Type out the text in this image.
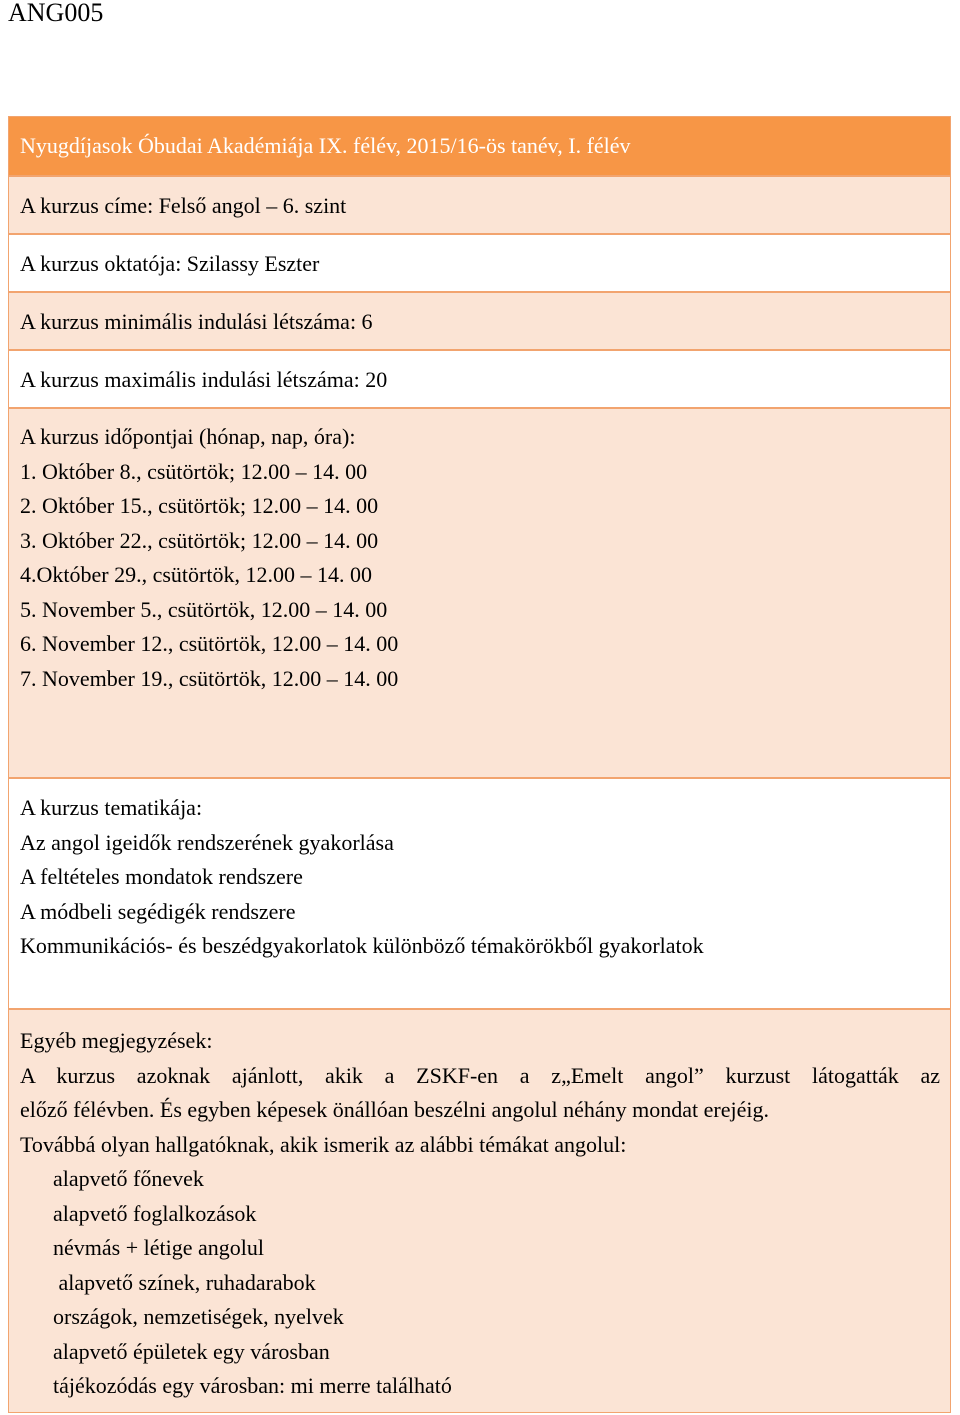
ANG005
Nyugdíjasok Óbudai Akadémiája IX. félév, 2015/16-ös tanév, I. félév
A kurzus címe: Felső angol – 6. szint
A kurzus oktatója: Szilassy Eszter
A kurzus minimális indulási létszáma: 6
A kurzus maximális indulási létszáma: 20
A kurzus időpontjai (hónap, nap, óra):
1. Október 8., csütörtök; 12.00 – 14. 00
2. Október 15., csütörtök; 12.00 – 14. 00
3. Október 22., csütörtök; 12.00 – 14. 00
4.Október 29., csütörtök, 12.00 – 14. 00
5. November 5., csütörtök, 12.00 – 14. 00
6. November 12., csütörtök, 12.00 – 14. 00
7. November 19., csütörtök, 12.00 – 14. 00
A kurzus tematikája:
Az angol igeidők rendszerének gyakorlása
A feltételes mondatok rendszere
A módbeli segédigék rendszere
Kommunikációs- és beszédgyakorlatok különböző témakörökből gyakorlatok
Egyéb megjegyzések:
A kurzus azoknak ajánlott, akik a ZSKF-en a z„Emelt angol” kurzust látogatták az
előző félévben. És egyben képesek önállóan beszélni angolul néhány mondat erejéig.
Továbbá olyan hallgatóknak, akik ismerik az alábbi témákat angolul:
alapvető főnevek
alapvető foglalkozások
névmás + létige angolul
alapvető színek, ruhadarabok
országok, nemzetiségek, nyelvek
alapvető épületek egy városban
tájékozódás egy városban: mi merre található
